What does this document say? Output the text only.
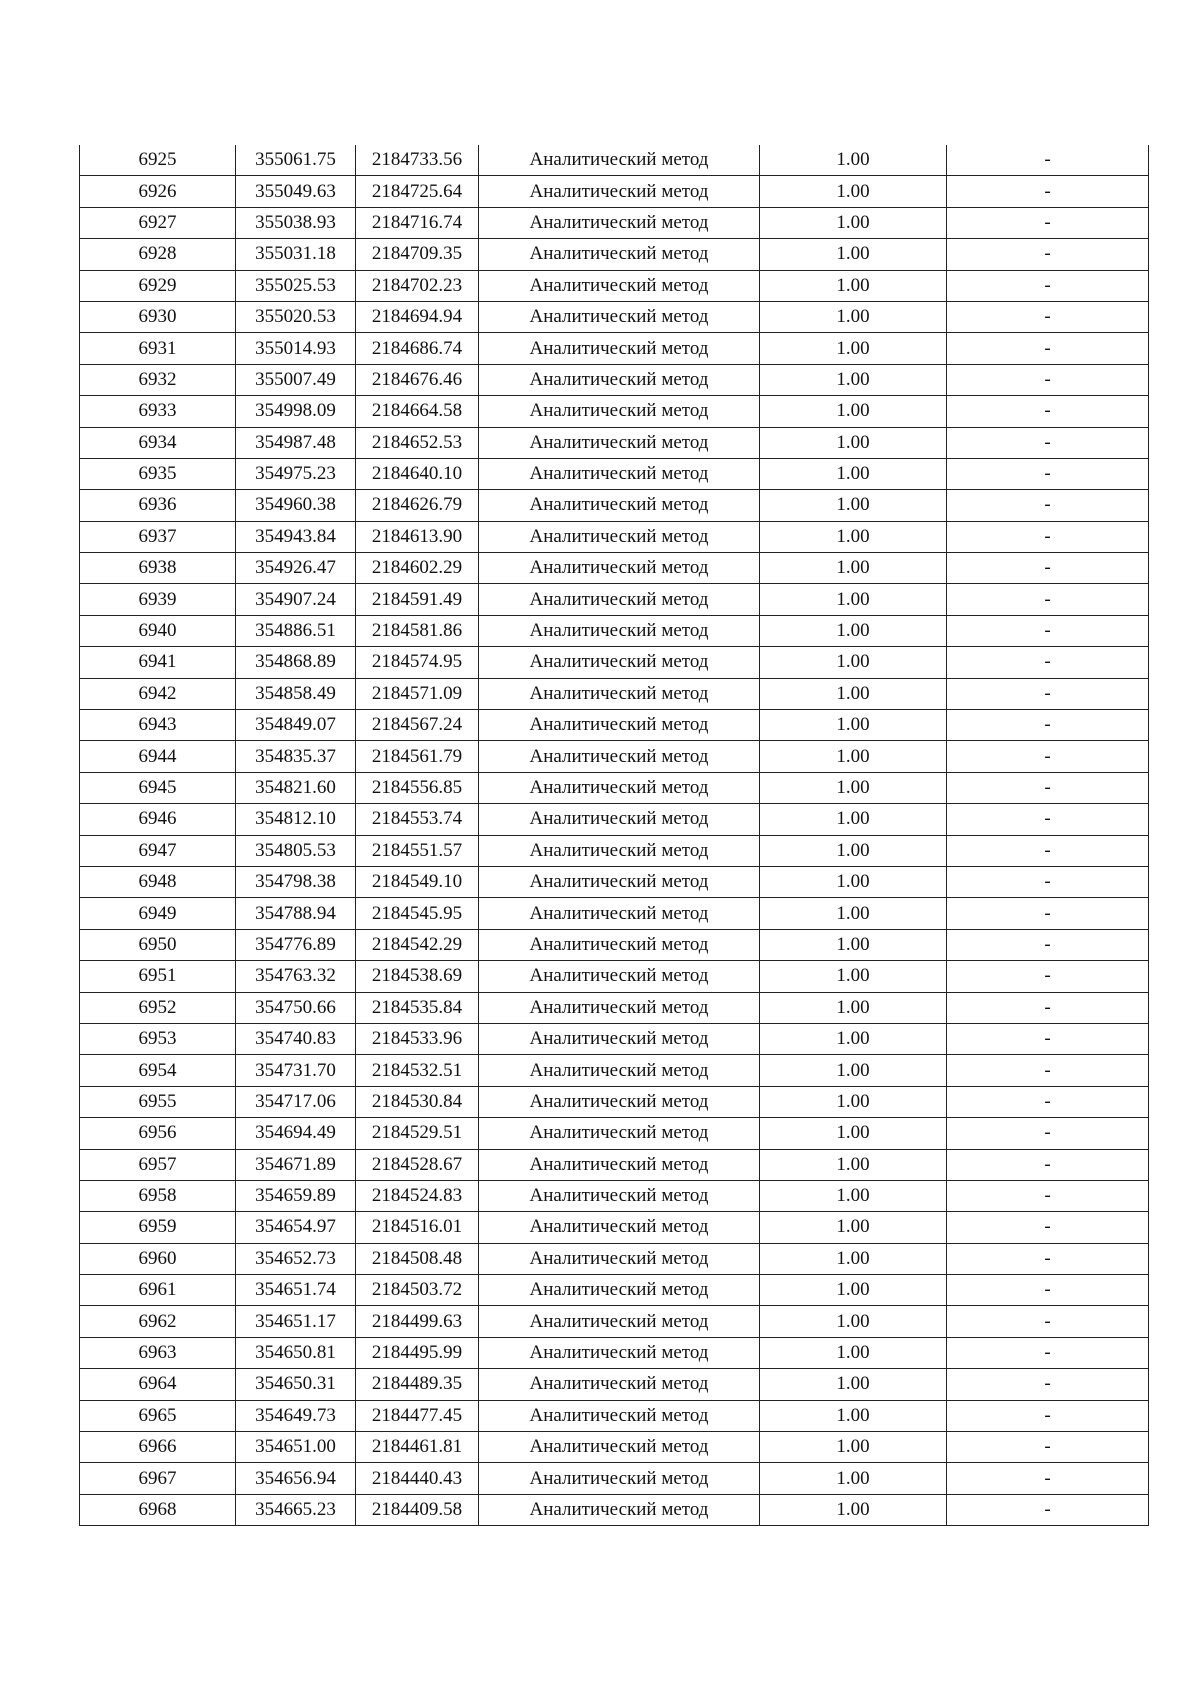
6925	355061.75	2184733.56	Аналитический метод	1.00	-
6926	355049.63	2184725.64	Аналитический метод	1.00	-
6927	355038.93	2184716.74	Аналитический метод	1.00	-
6928	355031.18	2184709.35	Аналитический метод	1.00	-
6929	355025.53	2184702.23	Аналитический метод	1.00	-
6930	355020.53	2184694.94	Аналитический метод	1.00	-
6931	355014.93	2184686.74	Аналитический метод	1.00	-
6932	355007.49	2184676.46	Аналитический метод	1.00	-
6933	354998.09	2184664.58	Аналитический метод	1.00	-
6934	354987.48	2184652.53	Аналитический метод	1.00	-
6935	354975.23	2184640.10	Аналитический метод	1.00	-
6936	354960.38	2184626.79	Аналитический метод	1.00	-
6937	354943.84	2184613.90	Аналитический метод	1.00	-
6938	354926.47	2184602.29	Аналитический метод	1.00	-
6939	354907.24	2184591.49	Аналитический метод	1.00	-
6940	354886.51	2184581.86	Аналитический метод	1.00	-
6941	354868.89	2184574.95	Аналитический метод	1.00	-
6942	354858.49	2184571.09	Аналитический метод	1.00	-
6943	354849.07	2184567.24	Аналитический метод	1.00	-
6944	354835.37	2184561.79	Аналитический метод	1.00	-
6945	354821.60	2184556.85	Аналитический метод	1.00	-
6946	354812.10	2184553.74	Аналитический метод	1.00	-
6947	354805.53	2184551.57	Аналитический метод	1.00	-
6948	354798.38	2184549.10	Аналитический метод	1.00	-
6949	354788.94	2184545.95	Аналитический метод	1.00	-
6950	354776.89	2184542.29	Аналитический метод	1.00	-
6951	354763.32	2184538.69	Аналитический метод	1.00	-
6952	354750.66	2184535.84	Аналитический метод	1.00	-
6953	354740.83	2184533.96	Аналитический метод	1.00	-
6954	354731.70	2184532.51	Аналитический метод	1.00	-
6955	354717.06	2184530.84	Аналитический метод	1.00	-
6956	354694.49	2184529.51	Аналитический метод	1.00	-
6957	354671.89	2184528.67	Аналитический метод	1.00	-
6958	354659.89	2184524.83	Аналитический метод	1.00	-
6959	354654.97	2184516.01	Аналитический метод	1.00	-
6960	354652.73	2184508.48	Аналитический метод	1.00	-
6961	354651.74	2184503.72	Аналитический метод	1.00	-
6962	354651.17	2184499.63	Аналитический метод	1.00	-
6963	354650.81	2184495.99	Аналитический метод	1.00	-
6964	354650.31	2184489.35	Аналитический метод	1.00	-
6965	354649.73	2184477.45	Аналитический метод	1.00	-
6966	354651.00	2184461.81	Аналитический метод	1.00	-
6967	354656.94	2184440.43	Аналитический метод	1.00	-
6968	354665.23	2184409.58	Аналитический метод	1.00	-
